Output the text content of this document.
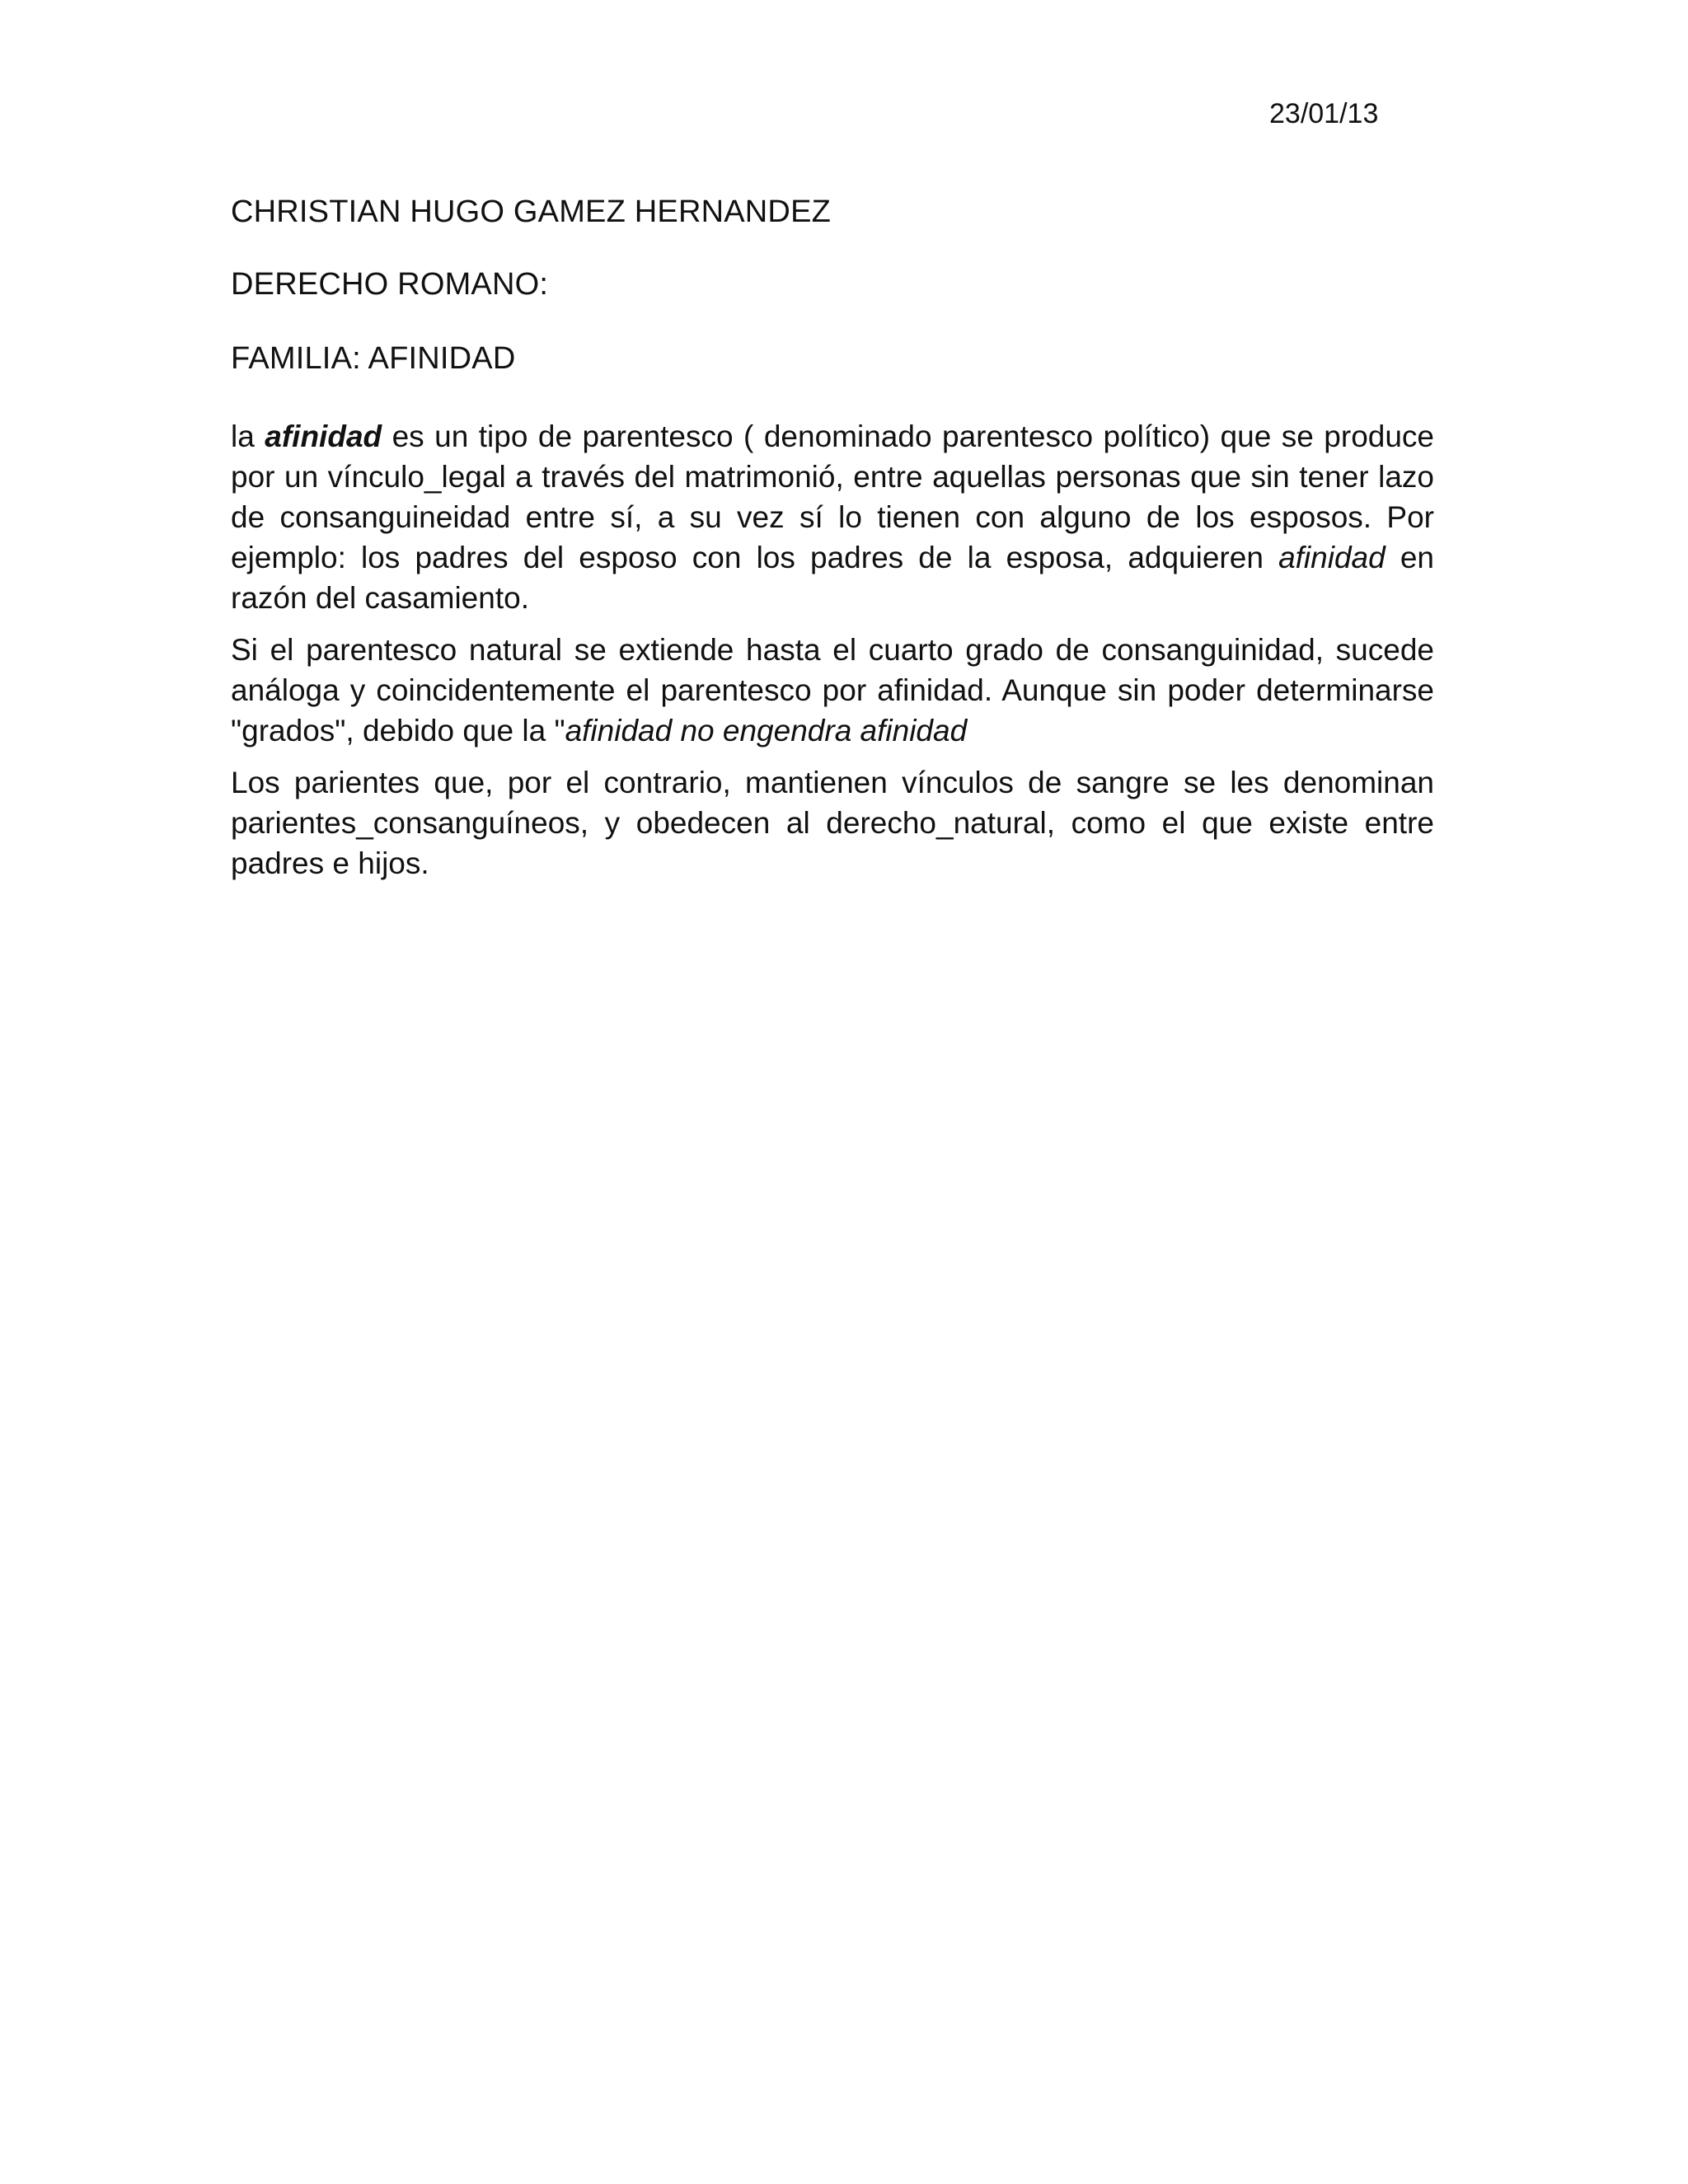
23/01/13
CHRISTIAN HUGO GAMEZ HERNANDEZ
DERECHO ROMANO:
FAMILIA: AFINIDAD

la afinidad es un tipo de parentesco ( denominado parentesco político) que se produce por un vínculo_legal a través del matrimonió, entre aquellas personas que sin tener lazo de consanguineidad entre sí, a su vez sí lo tienen con alguno de los esposos. Por ejemplo: los padres del esposo con los padres de la esposa, adquieren afinidad en razón del casamiento.

Si el parentesco natural se extiende hasta el cuarto grado de consanguinidad, sucede análoga y coincidentemente el parentesco por afinidad. Aunque sin poder determinarse "grados", debido que la "afinidad no engendra afinidad

Los parientes que, por el contrario, mantienen vínculos de sangre se les denominan parientes_consanguíneos, y obedecen al derecho_natural, como el que existe entre padres e hijos.
